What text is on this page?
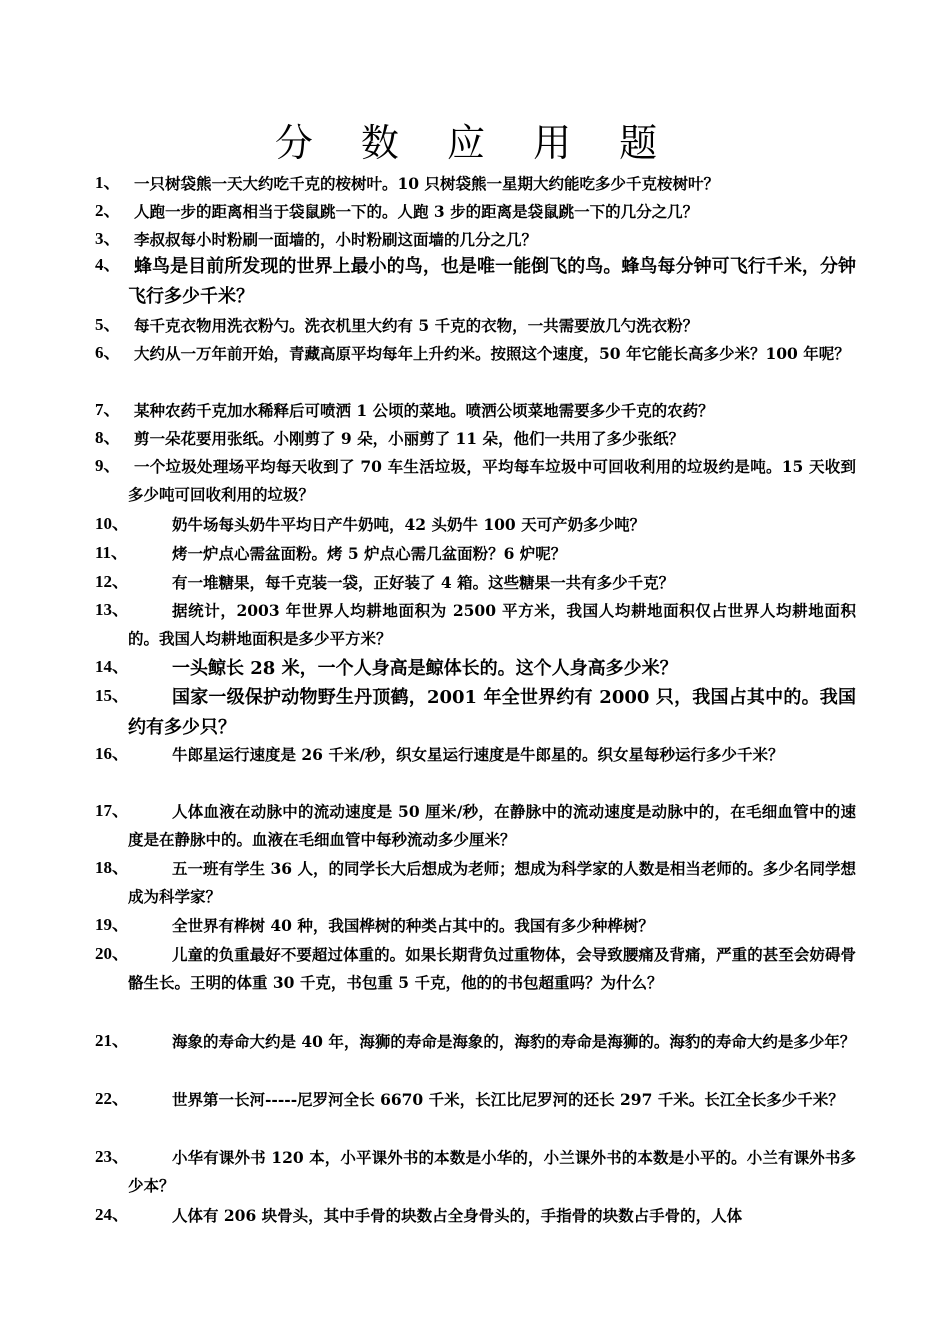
分 数 应 用 题
1、 一只树袋熊一天大约吃千克的桉树叶。10 只树袋熊一星期大约能吃多少千克桉树叶？
2、 人跑一步的距离相当于袋鼠跳一下的。人跑 3 步的距离是袋鼠跳一下的几分之几？
3、 李叔叔每小时粉刷一面墙的，小时粉刷这面墙的几分之几？
4、 蜂鸟是目前所发现的世界上最小的鸟，也是唯一能倒飞的鸟。蜂鸟每分钟可飞行千米，分钟飞行多少千米？
5、 每千克衣物用洗衣粉勺。洗衣机里大约有 5 千克的衣物，一共需要放几勺洗衣粉？
6、 大约从一万年前开始，青藏高原平均每年上升约米。按照这个速度，50 年它能长高多少米？100 年呢？
7、 某种农药千克加水稀释后可喷洒 1 公顷的菜地。喷洒公顷菜地需要多少千克的农药？
8、 剪一朵花要用张纸。小刚剪了 9 朵，小丽剪了 11 朵，他们一共用了多少张纸？
9、 一个垃圾处理场平均每天收到了 70 车生活垃圾，平均每车垃圾中可回收利用的垃圾约是吨。15 天收到多少吨可回收利用的垃圾？
10、	奶牛场每头奶牛平均日产牛奶吨，42 头奶牛 100 天可产奶多少吨？
11、	烤一炉点心需盆面粉。烤 5 炉点心需几盆面粉？6 炉呢？
12、	有一堆糖果，每千克装一袋，正好装了 4 箱。这些糖果一共有多少千克？
13、	据统计，2003 年世界人均耕地面积为 2500 平方米，我国人均耕地面积仅占世界人均耕地面积的。我国人均耕地面积是多少平方米？
14、	一头鲸长 28 米，一个人身高是鲸体长的。这个人身高多少米？
15、	国家一级保护动物野生丹顶鹤，2001 年全世界约有 2000 只，我国占其中的。我国约有多少只？
16、	牛郎星运行速度是 26 千米/秒，织女星运行速度是牛郎星的。织女星每秒运行多少千米？
17、	人体血液在动脉中的流动速度是 50 厘米/秒，在静脉中的流动速度是动脉中的，在毛细血管中的速度是在静脉中的。血液在毛细血管中每秒流动多少厘米？
18、	五一班有学生 36 人，的同学长大后想成为老师；想成为科学家的人数是相当老师的。多少名同学想成为科学家？
19、	全世界有桦树 40 种，我国桦树的种类占其中的。我国有多少种桦树？
20、	儿童的负重最好不要超过体重的。如果长期背负过重物体，会导致腰痛及背痛，严重的甚至会妨碍骨骼生长。王明的体重 30 千克，书包重 5 千克，他的的书包超重吗？为什么？
21、	海象的寿命大约是 40 年，海狮的寿命是海象的，海豹的寿命是海狮的。海豹的寿命大约是多少年？
22、	世界第一长河-----尼罗河全长 6670 千米，长江比尼罗河的还长 297 千米。长江全长多少千米？
23、	小华有课外书 120 本，小平课外书的本数是小华的，小兰课外书的本数是小平的。小兰有课外书多少本？
24、	人体有 206 块骨头，其中手骨的块数占全身骨头的，手指骨的块数占手骨的，人体
